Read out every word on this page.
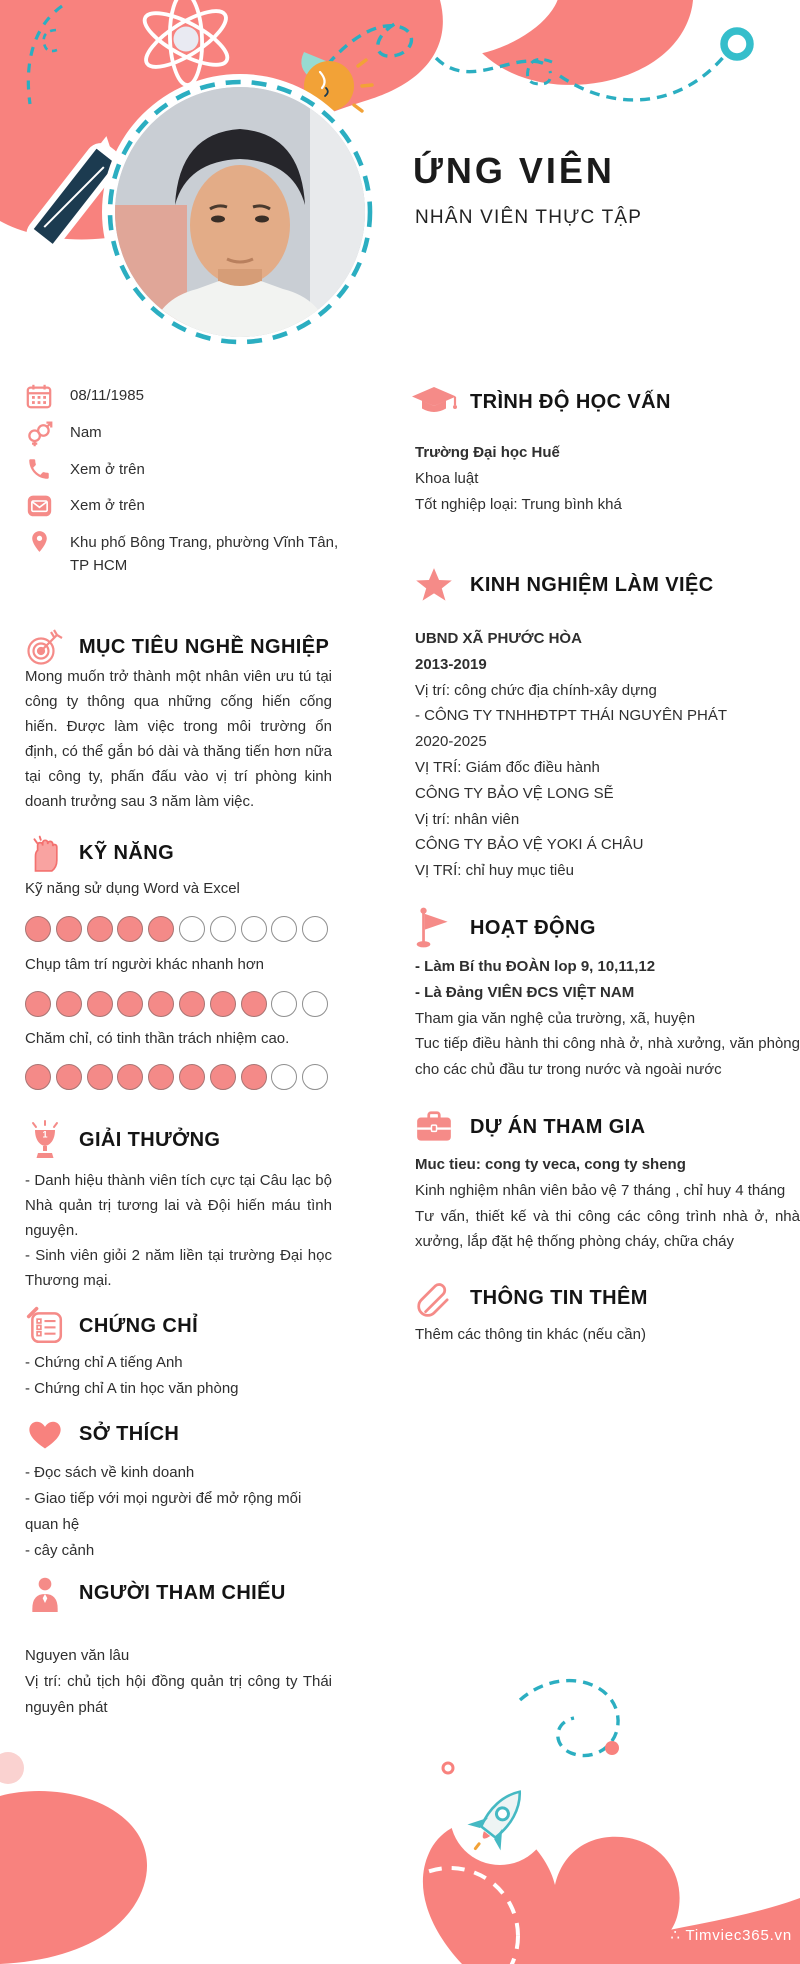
ỨNG VIÊN
NHÂN VIÊN THỰC TẬP
08/11/1985
Nam
Xem ở trên
Xem ở trên
Khu phố Bông Trang, phường Vĩnh Tân, TP HCM
MỤC TIÊU NGHỀ NGHIỆP
Mong muốn trở thành một nhân viên ưu tú tại công ty thông qua những cống hiến cống hiến. Được làm việc trong môi trường ổn định, có thể gắn bó dài và thăng tiến hơn nữa tại công ty, phấn đấu vào vị trí phòng kinh doanh trưởng sau 3 năm làm việc.
KỸ NĂNG
Kỹ năng sử dụng Word và Excel
Chụp tâm trí người khác nhanh hơn
Chăm chỉ, có tinh thần trách nhiệm cao.
1 GIẢI THƯỞNG
- Danh hiệu thành viên tích cực tại Câu lạc bộ Nhà quản trị tương lai và Đội hiến máu tình nguyện.
- Sinh viên giỏi 2 năm liền tại trường Đại học Thương mại.
CHỨNG CHỈ
- Chứng chỉ A tiếng Anh
- Chứng chỉ A tin học văn phòng
SỞ THÍCH
- Đọc sách về kinh doanh
- Giao tiếp với mọi người để mở rộng mối quan hệ
- cây cảnh
NGƯỜI THAM CHIẾU
Nguyen văn lâu
Vị trí: chủ tịch hội đồng quản trị công ty Thái nguyên phát
TRÌNH ĐỘ HỌC VẤN
Trường Đại học Huế
Khoa luật
Tốt nghiệp loại: Trung bình khá
KINH NGHIỆM LÀM VIỆC
UBND XÃ PHƯỚC HÒA
2013-2019
Vị trí: công chức địa chính-xây dựng
- CÔNG TY TNHHĐTPT THÁI NGUYÊN PHÁT
2020-2025
VỊ TRÍ: Giám đốc điều hành
CÔNG TY BẢO VỆ LONG SẼ
Vị trí: nhân viên
CÔNG TY BẢO VỆ YOKI Á CHÂU
VỊ TRÍ: chỉ huy mục tiêu
HOẠT ĐỘNG
- Làm Bí thu ĐOÀN lop 9, 10,11,12
- Là Đảng VIÊN ĐCS VIỆT NAM
Tham gia văn nghệ của trường, xã, huyện
Tuc tiếp điều hành thi công nhà ở, nhà xưởng, văn phòng cho các chủ đầu tư trong nước và ngoài nước
DỰ ÁN THAM GIA
Muc tieu: cong ty veca, cong ty sheng
Kinh nghiệm nhân viên bảo vệ 7 tháng , chỉ huy 4 tháng
Tư vấn, thiết kế và thi công các công trình nhà ở, nhà xưởng, lắp đặt hệ thống phòng cháy, chữa cháy
THÔNG TIN THÊM
Thêm các thông tin khác (nếu cần)
∴ Timviec365.vn
